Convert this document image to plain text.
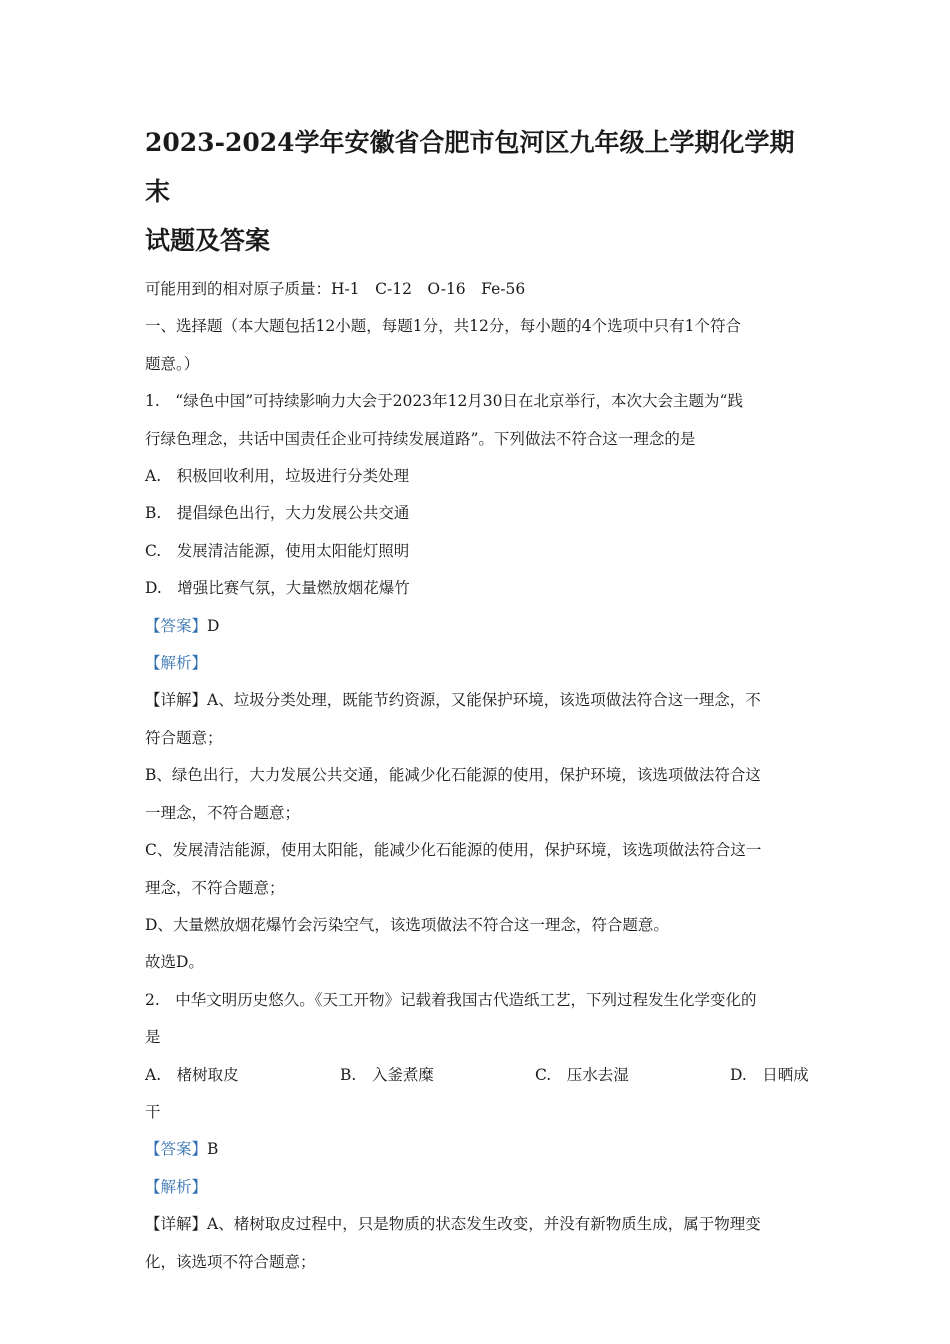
2023-2024学年安徽省合肥市包河区九年级上学期化学期末
试题及答案

可能用到的相对原子质量：H-1　C-12　O-16　Fe-56

一、选择题（本大题包括12小题，每题1分，共12分，每小题的4个选项中只有1个符合

题意。）

1.　“绿色中国”可持续影响力大会于2023年12月30日在北京举行，本次大会主题为“践

行绿色理念，共话中国责任企业可持续发展道路”。下列做法不符合这一理念的是

A.　积极回收利用，垃圾进行分类处理

B.　提倡绿色出行，大力发展公共交通

C.　发展清洁能源，使用太阳能灯照明

D.　增强比赛气氛，大量燃放烟花爆竹

【答案】D

【解析】

【详解】A、垃圾分类处理，既能节约资源，又能保护环境，该选项做法符合这一理念，不

符合题意；

B、绿色出行，大力发展公共交通，能减少化石能源的使用，保护环境，该选项做法符合这

一理念，不符合题意；

C、发展清洁能源，使用太阳能，能减少化石能源的使用，保护环境，该选项做法符合这一

理念，不符合题意；

D、大量燃放烟花爆竹会污染空气，该选项做法不符合这一理念，符合题意。

故选D。

2.　中华文明历史悠久。《天工开物》记载着我国古代造纸工艺，下列过程发生化学变化的

是

A.　楮树取皮	B.　入釜煮糜	C.　压水去湿	D.　日晒成

干

【答案】B

【解析】

【详解】A、楮树取皮过程中，只是物质的状态发生改变，并没有新物质生成，属于物理变

化，该选项不符合题意；
